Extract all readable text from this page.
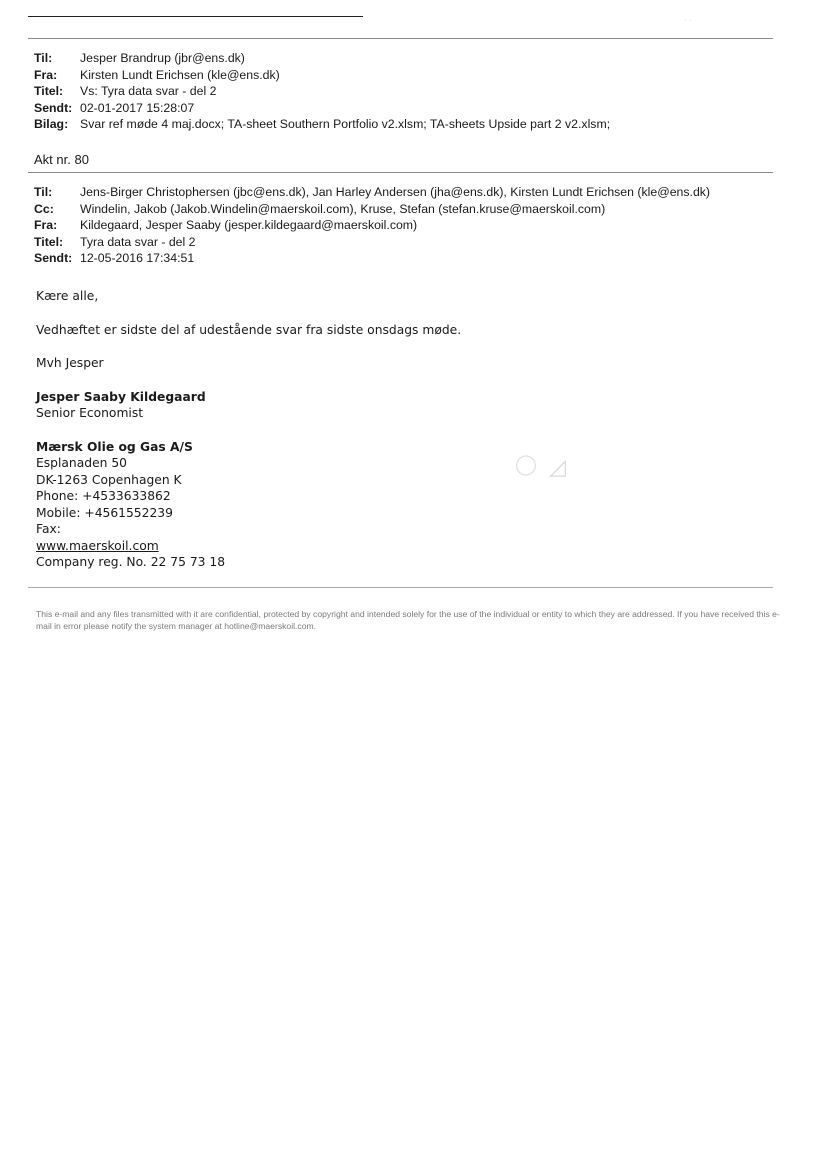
· ·
Til: Jesper Brandrup (jbr@ens.dk)
Fra: Kirsten Lundt Erichsen (kle@ens.dk)
Titel: Vs: Tyra data svar - del 2
Sendt: 02-01-2017 15:28:07
Bilag: Svar ref møde 4 maj.docx; TA-sheet Southern Portfolio v2.xlsm; TA-sheets Upside part 2 v2.xlsm;
Akt nr. 80
Til: Jens-Birger Christophersen (jbc@ens.dk), Jan Harley Andersen (jha@ens.dk), Kirsten Lundt Erichsen (kle@ens.dk)
Cc: Windelin, Jakob (Jakob.Windelin@maerskoil.com), Kruse, Stefan (stefan.kruse@maerskoil.com)
Fra: Kildegaard, Jesper Saaby (jesper.kildegaard@maerskoil.com)
Titel: Tyra data svar - del 2
Sendt: 12-05-2016 17:34:51

Kære alle,

Vedhæftet er sidste del af udestående svar fra sidste onsdags møde.

Mvh Jesper

Jesper Saaby Kildegaard

Senior Economist

Mærsk Olie og Gas A/S

Esplanaden 50

DK-1263 Copenhagen K

Phone: +4533633862

Mobile: +4561552239

Fax:

www.maerskoil.com

Company reg. No. 22 75 73 18

〇 ◿
This e-mail and any files transmitted with it are confidential, protected by copyright and intended solely for the use of the individual or entity to which they are addressed. If you have received this e-mail in error please notify the system manager at hotline@maerskoil.com.
